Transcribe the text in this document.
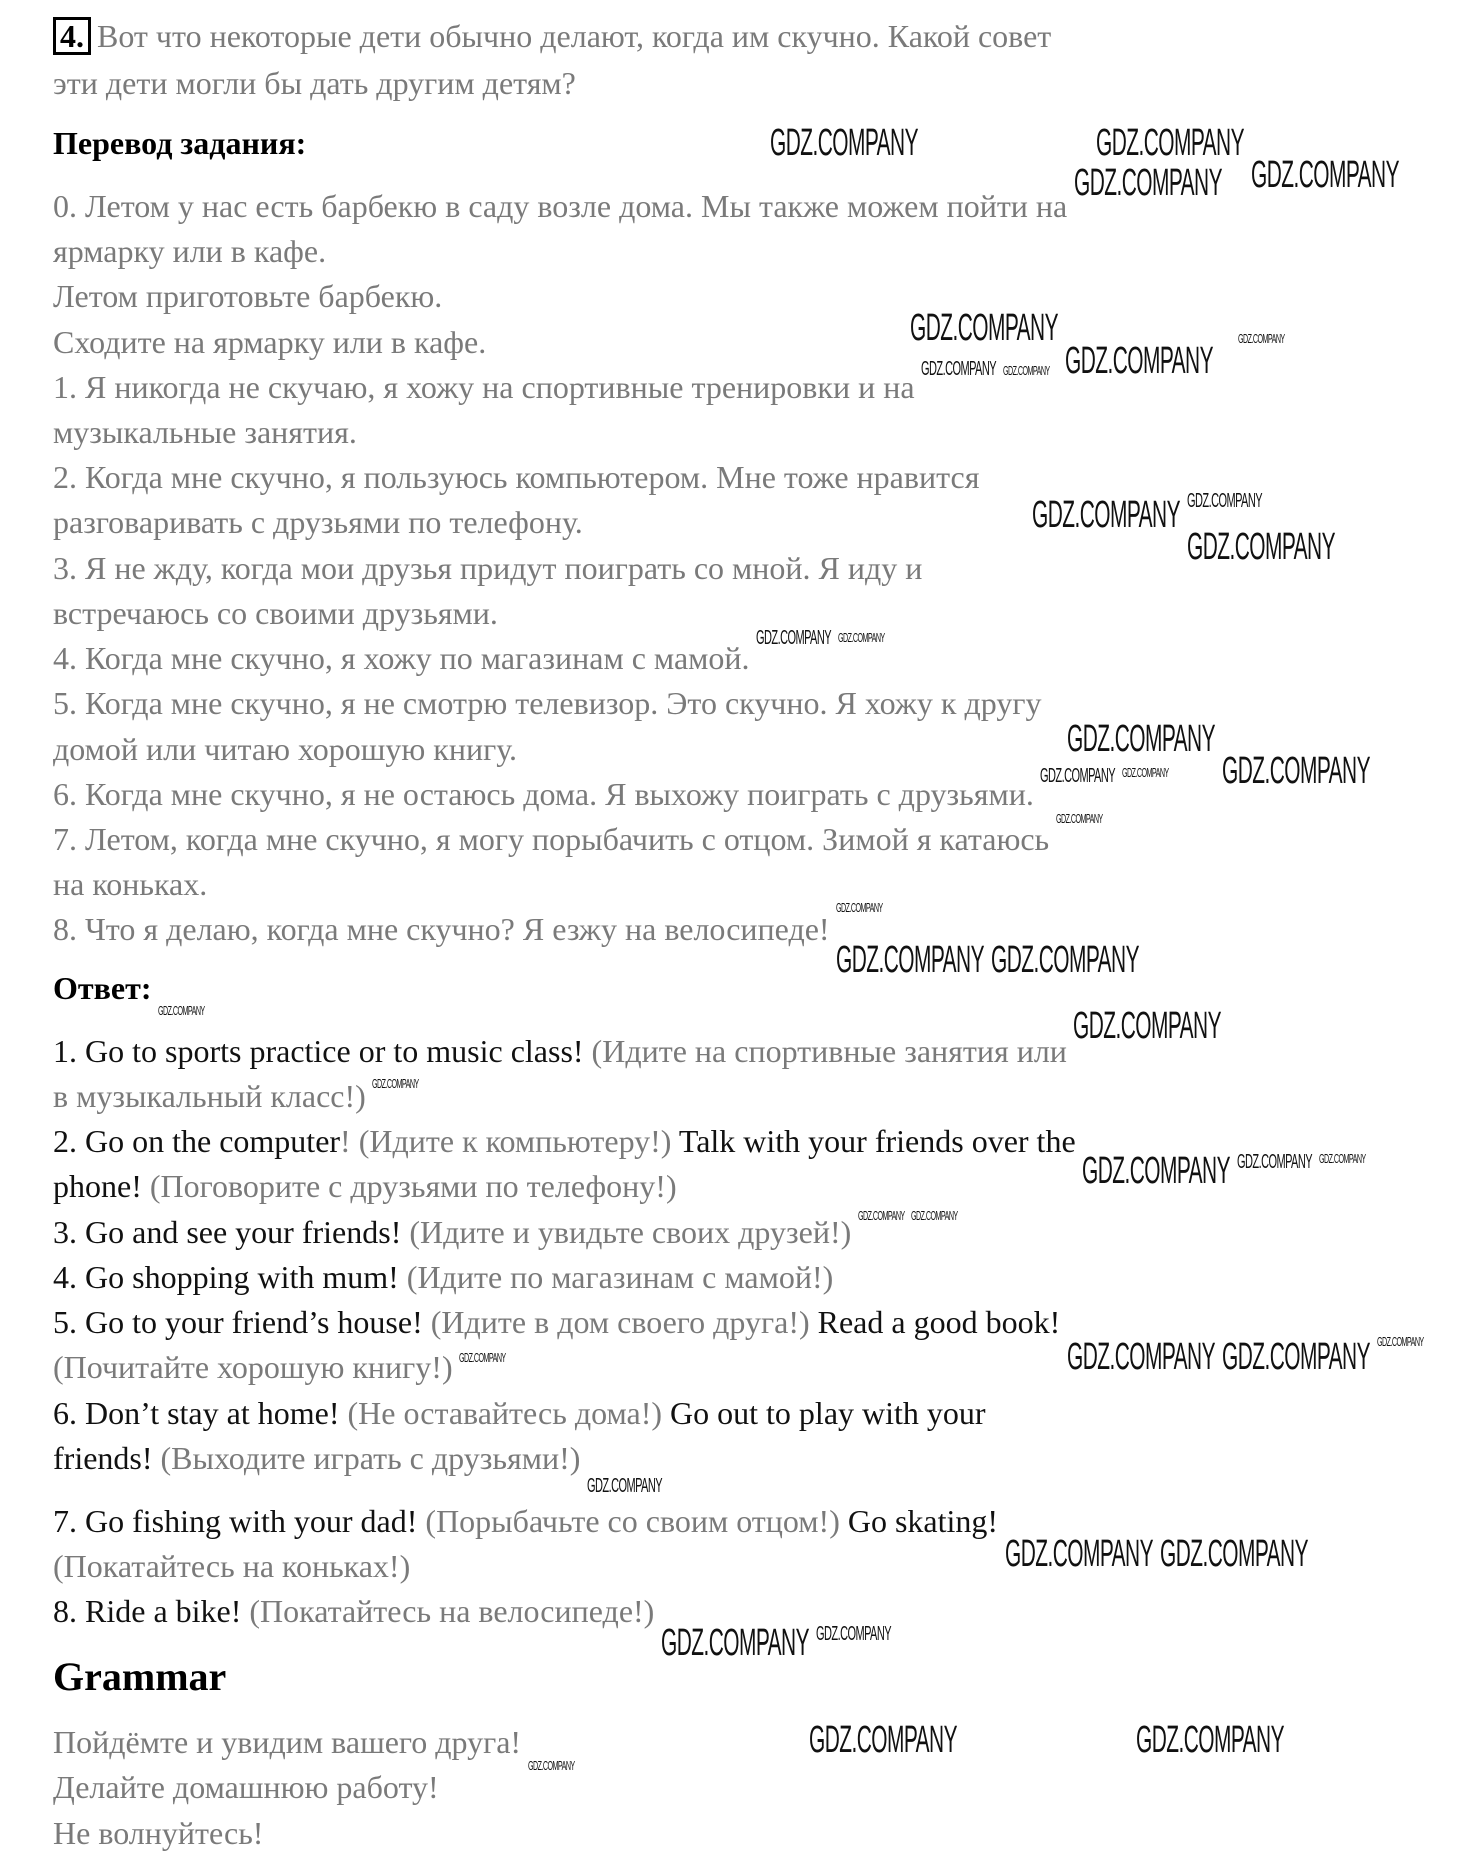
4. Вот что некоторые дети обычно делают, когда им скучно. Какой совет
эти дети могли бы дать другим детям?
Перевод задания:
0. Летом у нас есть барбекю в саду возле дома. Мы также можем пойти на
ярмарку или в кафе.
Летом приготовьте барбекю.
Сходите на ярмарку или в кафе.
1. Я никогда не скучаю, я хожу на спортивные тренировки и на
музыкальные занятия.
2. Когда мне скучно, я пользуюсь компьютером. Мне тоже нравится
разговаривать с друзьями по телефону.
3. Я не жду, когда мои друзья придут поиграть со мной. Я иду и
встречаюсь со своими друзьями.
4. Когда мне скучно, я хожу по магазинам с мамой.
5. Когда мне скучно, я не смотрю телевизор. Это скучно. Я хожу к другу
домой или читаю хорошую книгу.
6. Когда мне скучно, я не остаюсь дома. Я выхожу поиграть с друзьями.
7. Летом, когда мне скучно, я могу порыбачить с отцом. Зимой я катаюсь
на коньках.
8. Что я делаю, когда мне скучно? Я езжу на велосипеде!
Ответ:
1. Go to sports practice or to music class! (Идите на спортивные занятия или
в музыкальный класс!)
2. Go on the computer! (Идите к компьютеру!) Talk with your friends over the
phone! (Поговорите с друзьями по телефону!)
3. Go and see your friends! (Идите и увидьте своих друзей!)
4. Go shopping with mum! (Идите по магазинам с мамой!)
5. Go to your friend’s house! (Идите в дом своего друга!) Read a good book!
(Почитайте хорошую книгу!)
6. Don’t stay at home! (Не оставайтесь дома!) Go out to play with your
friends! (Выходите играть с друзьями!)
7. Go fishing with your dad! (Порыбачьте со своим отцом!) Go skating!
(Покатайтесь на коньках!)
8. Ride a bike! (Покатайтесь на велосипеде!)
Grammar
Пойдёмте и увидим вашего друга!
Делайте домашнюю работу!
Не волнуйтесь!
GDZ.COMPANY	GDZ.COMPANY
GDZ.COMPANY GDZ.COMPANY
GDZ.COMPANY
GDZ.COMPANY
GDZ.COMPANY
GDZ.COMPANY
GDZ.COMPANY
GDZ.COMPANY
GDZ.COMPANY GDZ.COMPANY
GDZ.COMPANY
GDZ.COMPANY
GDZ.COMPANY GDZ.COMPANY
GDZ.COMPANY GDZ.COMPANY
GDZ.COMPANY
GDZ.COMPANY	GDZ.COMPANY
GDZ.COMPANY
GDZ.COMPANY
GDZ.COMPANY
GDZ.COMPANY
GDZ.COMPANY
GDZ.COMPANY
GDZ.COMPANY
GDZ.COMPANY
GDZ.COMPANY
GDZ.COMPANY
GDZ.COMPANY
GDZ.COMPANY
GDZ.COMPANY
GDZ.COMPANY
GDZ.COMPANY
GDZ.COMPANY
GDZ.COMPANY GDZ.COMPANY
GDZ.COMPANY
GDZ.COMPANY
GDZ.COMPANY
